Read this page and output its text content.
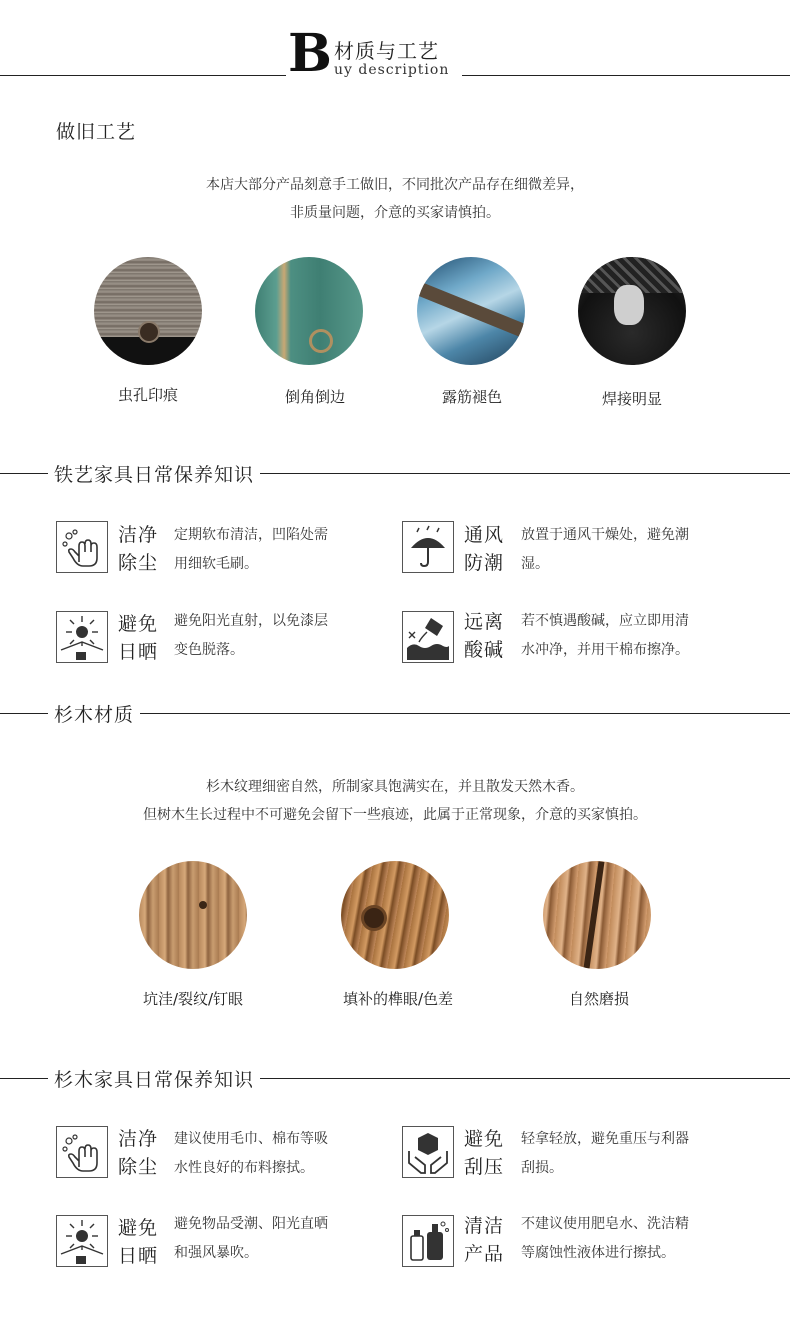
B 材质与工艺
uy description
做旧工艺
本店大部分产品刻意手工做旧，不同批次产品存在细微差异，
非质量问题，介意的买家请慎拍。
虫孔印痕	倒角倒边	露筋褪色	焊接明显
铁艺家具日常保养知识
洁净
除尘
定期软布清洁，凹陷处需
用细软毛刷。
通风
防潮
放置于通风干燥处，避免潮
湿。
避免
日晒
避免阳光直射，以免漆层
变色脱落。
远离
酸碱
若不慎遇酸碱，应立即用清
水冲净，并用干棉布擦净。
杉木材质
杉木纹理细密自然，所制家具饱满实在，并且散发天然木香。
但树木生长过程中不可避免会留下一些痕迹，此属于正常现象，介意的买家慎拍。
坑洼/裂纹/钉眼	填补的榫眼/色差	自然磨损
杉木家具日常保养知识
洁净
除尘
建议使用毛巾、棉布等吸
水性良好的布料擦拭。
避免
刮压
轻拿轻放，避免重压与利器
刮损。
避免
日晒
避免物品受潮、阳光直晒
和强风暴吹。
清洁
产品
不建议使用肥皂水、洗洁精
等腐蚀性液体进行擦拭。
